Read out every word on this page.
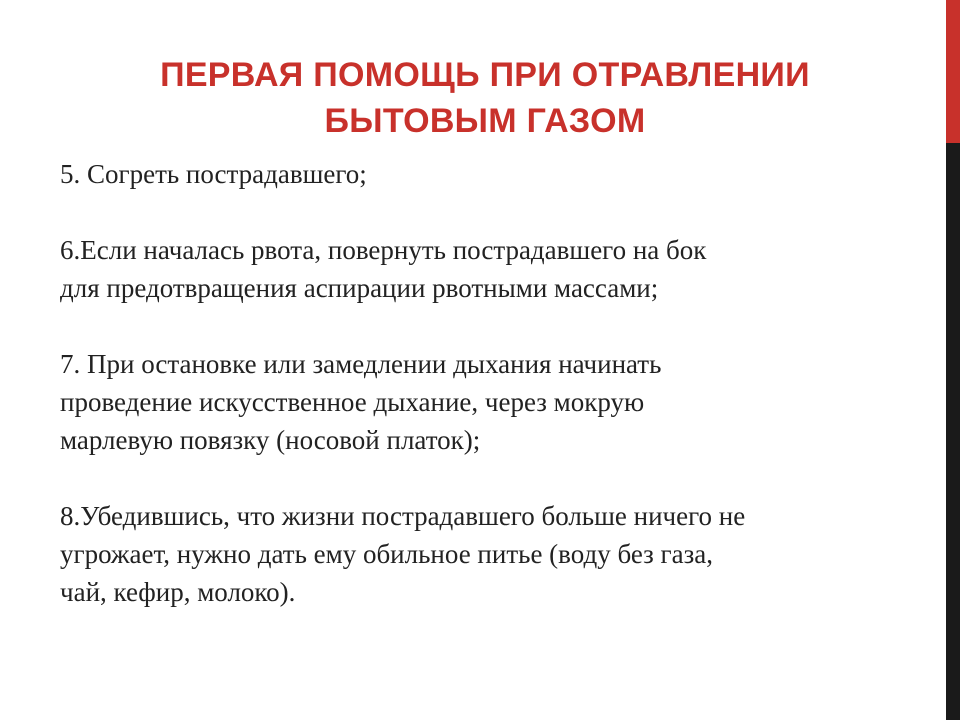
ПЕРВАЯ ПОМОЩЬ ПРИ ОТРАВЛЕНИИ
БЫТОВЫМ ГАЗОМ
5. Согреть пострадавшего;
6.Если началась рвота, повернуть пострадавшего на бок
для предотвращения аспирации рвотными массами;
7. При остановке или замедлении дыхания начинать
проведение искусственное дыхание, через мокрую
марлевую повязку (носовой платок);
8.Убедившись, что жизни пострадавшего больше ничего не
угрожает, нужно дать ему обильное питье (воду без газа,
чай, кефир, молоко).
